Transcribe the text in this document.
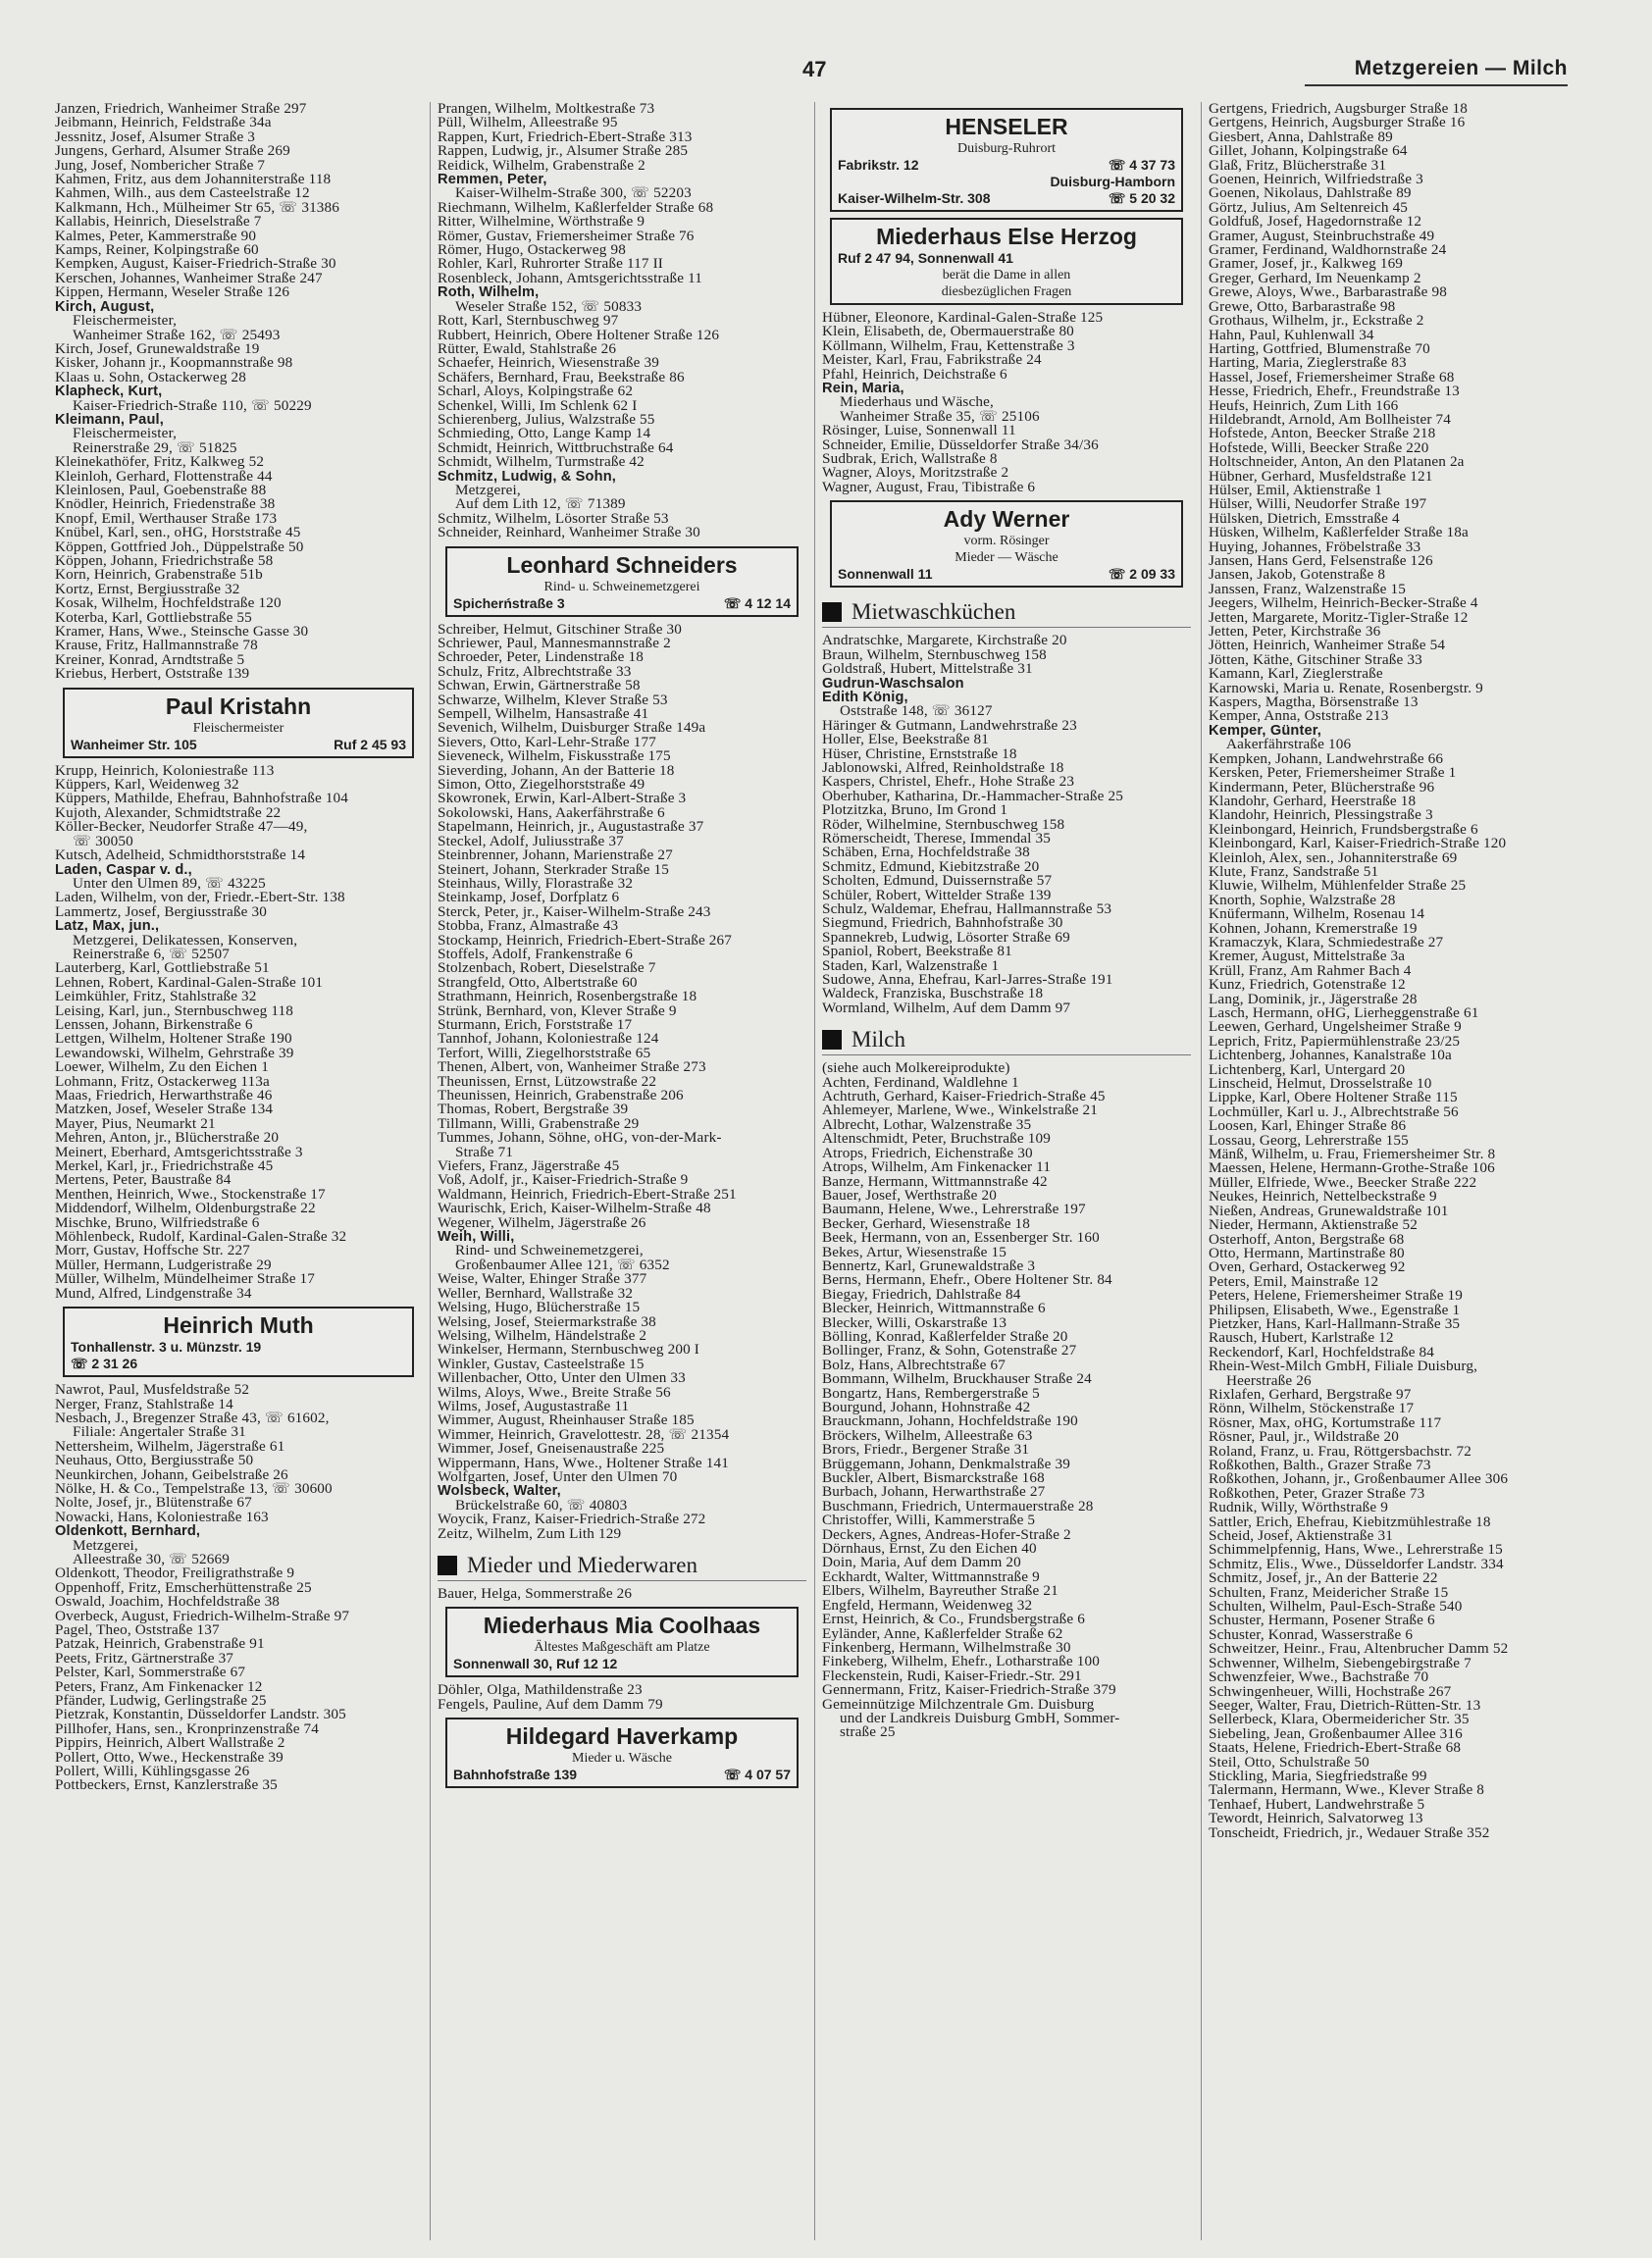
47	Metzgereien — Milch
Janzen, Friedrich, Wanheimer Straße 297
Jeibmann, Heinrich, Feldstraße 34a
Jessnitz, Josef, Alsumer Straße 3
Jungens, Gerhard, Alsumer Straße 269
Jung, Josef, Nombericher Straße 7
Kahmen, Fritz, aus dem Johanniterstraße 118
Kahmen, Wilh., aus dem Casteelstraße 12
Kalkmann, Hch., Mülheimer Str 65, ☏ 31386
Kallabis, Heinrich, Dieselstraße 7
Kalmes, Peter, Kammerstraße 90
Kamps, Reiner, Kolpingstraße 60
Kempken, August, Kaiser-Friedrich-Straße 30
Kerschen, Johannes, Wanheimer Straße 247
Kippen, Hermann, Weseler Straße 126
Kirch, August,
Fleischermeister,
Wanheimer Straße 162, ☏ 25493
Kirch, Josef, Grunewaldstraße 19
Kisker, Johann jr., Koopmannstraße 98
Klaas u. Sohn, Ostackerweg 28
Klapheck, Kurt,
Kaiser-Friedrich-Straße 110, ☏ 50229
Kleimann, Paul,
Fleischermeister,
Reinerstraße 29, ☏ 51825
Kleinekathöfer, Fritz, Kalkweg 52
Kleinloh, Gerhard, Flottenstraße 44
Kleinlosen, Paul, Goebenstraße 88
Knödler, Heinrich, Friedenstraße 38
Knopf, Emil, Werthauser Straße 173
Knübel, Karl, sen., oHG, Horststraße 45
Köppen, Gottfried Joh., Düppelstraße 50
Köppen, Johann, Friedrichstraße 58
Korn, Heinrich, Grabenstraße 51b
Kortz, Ernst, Bergiusstraße 32
Kosak, Wilhelm, Hochfeldstraße 120
Koterba, Karl, Gottliebstraße 55
Kramer, Hans, Wwe., Steinsche Gasse 30
Krause, Fritz, Hallmannstraße 78
Kreiner, Konrad, Arndtstraße 5
Kriebus, Herbert, Oststraße 139
Paul Kristahn
Fleischermeister
Wanheimer Str. 105	Ruf 2 45 93
Krupp, Heinrich, Koloniestraße 113
Küppers, Karl, Weidenweg 32
Küppers, Mathilde, Ehefrau, Bahnhofstraße 104
Kujoth, Alexander, Schmidtstraße 22
Köller-Becker, Neudorfer Straße 47—49,
☏ 30050
Kutsch, Adelheid, Schmidthorststraße 14
Laden, Caspar v. d.,
Unter den Ulmen 89, ☏ 43225
Laden, Wilhelm, von der, Friedr.-Ebert-Str. 138
Lammertz, Josef, Bergiusstraße 30
Latz, Max, jun.,
Metzgerei, Delikatessen, Konserven,
Reinerstraße 6, ☏ 52507
Lauterberg, Karl, Gottliebstraße 51
Lehnen, Robert, Kardinal-Galen-Straße 101
Leimkühler, Fritz, Stahlstraße 32
Leising, Karl, jun., Sternbuschweg 118
Lenssen, Johann, Birkenstraße 6
Lettgen, Wilhelm, Holtener Straße 190
Lewandowski, Wilhelm, Gehrstraße 39
Loewer, Wilhelm, Zu den Eichen 1
Lohmann, Fritz, Ostackerweg 113a
Maas, Friedrich, Herwarthstraße 46
Matzken, Josef, Weseler Straße 134
Mayer, Pius, Neumarkt 21
Mehren, Anton, jr., Blücherstraße 20
Meinert, Eberhard, Amtsgerichtsstraße 3
Merkel, Karl, jr., Friedrichstraße 45
Mertens, Peter, Baustraße 84
Menthen, Heinrich, Wwe., Stockenstraße 17
Middendorf, Wilhelm, Oldenburgstraße 22
Mischke, Bruno, Wilfriedstraße 6
Möhlenbeck, Rudolf, Kardinal-Galen-Straße 32
Morr, Gustav, Hoffsche Str. 227
Müller, Hermann, Ludgeristraße 29
Müller, Wilhelm, Mündelheimer Straße 17
Mund, Alfred, Lindgenstraße 34
Heinrich Muth
Tonhallenstr. 3 u. Münzstr. 19
☏ 2 31 26
Nawrot, Paul, Musfeldstraße 52
Nerger, Franz, Stahlstraße 14
Nesbach, J., Bregenzer Straße 43, ☏ 61602,
Filiale: Angertaler Straße 31
Nettersheim, Wilhelm, Jägerstraße 61
Neuhaus, Otto, Bergiusstraße 50
Neunkirchen, Johann, Geibelstraße 26
Nölke, H. & Co., Tempelstraße 13, ☏ 30600
Nolte, Josef, jr., Blütenstraße 67
Nowacki, Hans, Koloniestraße 163
Oldenkott, Bernhard,
Metzgerei,
Alleestraße 30, ☏ 52669
Oldenkott, Theodor, Freiligrathstraße 9
Oppenhoff, Fritz, Emscherhüttenstraße 25
Oswald, Joachim, Hochfeldstraße 38
Overbeck, August, Friedrich-Wilhelm-Straße 97
Pagel, Theo, Oststraße 137
Patzak, Heinrich, Grabenstraße 91
Peets, Fritz, Gärtnerstraße 37
Pelster, Karl, Sommerstraße 67
Peters, Franz, Am Finkenacker 12
Pfänder, Ludwig, Gerlingstraße 25
Pietzrak, Konstantin, Düsseldorfer Landstr. 305
Pillhofer, Hans, sen., Kronprinzenstraße 74
Pippirs, Heinrich, Albert Wallstraße 2
Pollert, Otto, Wwe., Heckenstraße 39
Pollert, Willi, Kühlingsgasse 26
Pottbeckers, Ernst, Kanzlerstraße 35
Prangen, Wilhelm, Moltkestraße 73
Püll, Wilhelm, Alleestraße 95
Rappen, Kurt, Friedrich-Ebert-Straße 313
Rappen, Ludwig, jr., Alsumer Straße 285
Reidick, Wilhelm, Grabenstraße 2
Remmen, Peter,
Kaiser-Wilhelm-Straße 300, ☏ 52203
Riechmann, Wilhelm, Kaßlerfelder Straße 68
Ritter, Wilhelmine, Wörthstraße 9
Römer, Gustav, Friemersheimer Straße 76
Römer, Hugo, Ostackerweg 98
Rohler, Karl, Ruhrorter Straße 117 II
Rosenbleck, Johann, Amtsgerichtsstraße 11
Roth, Wilhelm,
Weseler Straße 152, ☏ 50833
Rott, Karl, Sternbuschweg 97
Rubbert, Heinrich, Obere Holtener Straße 126
Rütter, Ewald, Stahlstraße 26
Schaefer, Heinrich, Wiesenstraße 39
Schäfers, Bernhard, Frau, Beekstraße 86
Scharl, Aloys, Kolpingstraße 62
Schenkel, Willi, Im Schlenk 62 I
Schierenberg, Julius, Walzstraße 55
Schmieding, Otto, Lange Kamp 14
Schmidt, Heinrich, Wittbruchstraße 64
Schmidt, Wilhelm, Turmstraße 42
Schmitz, Ludwig, & Sohn,
Metzgerei,
Auf dem Lith 12, ☏ 71389
Schmitz, Wilhelm, Lösorter Straße 53
Schneider, Reinhard, Wanheimer Straße 30
Leonhard Schneiders
Rind- u. Schweinemetzgerei
Spicherństraße 3	☏ 4 12 14
Schreiber, Helmut, Gitschiner Straße 30
Schriewer, Paul, Mannesmannstraße 2
Schroeder, Peter, Lindenstraße 18
Schulz, Fritz, Albrechtstraße 33
Schwan, Erwin, Gärtnerstraße 58
Schwarze, Wilhelm, Klever Straße 53
Sempell, Wilhelm, Hansastraße 41
Sevenich, Wilhelm, Duisburger Straße 149a
Sievers, Otto, Karl-Lehr-Straße 177
Sieveneck, Wilhelm, Fiskusstraße 175
Sieverding, Johann, An der Batterie 18
Simon, Otto, Ziegelhorststraße 49
Skowronek, Erwin, Karl-Albert-Straße 3
Sokolowski, Hans, Aakerfährstraße 6
Stapelmann, Heinrich, jr., Augustastraße 37
Steckel, Adolf, Juliusstraße 37
Steinbrenner, Johann, Marienstraße 27
Steinert, Johann, Sterkrader Straße 15
Steinhaus, Willy, Florastraße 32
Steinkamp, Josef, Dorfplatz 6
Sterck, Peter, jr., Kaiser-Wilhelm-Straße 243
Stobba, Franz, Almastraße 43
Stockamp, Heinrich, Friedrich-Ebert-Straße 267
Stoffels, Adolf, Frankenstraße 6
Stolzenbach, Robert, Dieselstraße 7
Strangfeld, Otto, Albertstraße 60
Strathmann, Heinrich, Rosenbergstraße 18
Strünk, Bernhard, von, Klever Straße 9
Sturmann, Erich, Forststraße 17
Tannhof, Johann, Koloniestraße 124
Terfort, Willi, Ziegelhorststraße 65
Thenen, Albert, von, Wanheimer Straße 273
Theunissen, Ernst, Lützowstraße 22
Theunissen, Heinrich, Grabenstraße 206
Thomas, Robert, Bergstraße 39
Tillmann, Willi, Grabenstraße 29
Tummes, Johann, Söhne, oHG, von-der-Mark-
Straße 71
Viefers, Franz, Jägerstraße 45
Voß, Adolf, jr., Kaiser-Friedrich-Straße 9
Waldmann, Heinrich, Friedrich-Ebert-Straße 251
Waurischk, Erich, Kaiser-Wilhelm-Straße 48
Wegener, Wilhelm, Jägerstraße 26
Weih, Willi,
Rind- und Schweinemetzgerei,
Großenbaumer Allee 121, ☏ 6352
Weise, Walter, Ehinger Straße 377
Weller, Bernhard, Wallstraße 32
Welsing, Hugo, Blücherstraße 15
Welsing, Josef, Steiermarkstraße 38
Welsing, Wilhelm, Händelstraße 2
Winkelser, Hermann, Sternbuschweg 200 I
Winkler, Gustav, Casteelstraße 15
Willenbacher, Otto, Unter den Ulmen 33
Wilms, Aloys, Wwe., Breite Straße 56
Wilms, Josef, Augustastraße 11
Wimmer, August, Rheinhauser Straße 185
Wimmer, Heinrich, Gravelottestr. 28, ☏ 21354
Wimmer, Josef, Gneisenaustraße 225
Wippermann, Hans, Wwe., Holtener Straße 141
Wolfgarten, Josef, Unter den Ulmen 70
Wolsbeck, Walter,
Brückelstraße 60, ☏ 40803
Woycik, Franz, Kaiser-Friedrich-Straße 272
Zeitz, Wilhelm, Zum Lith 129
Mieder und Miederwaren
Bauer, Helga, Sommerstraße 26
Miederhaus Mia Coolhaas
Ältestes Maßgeschäft am Platze
Sonnenwall 30, Ruf 12 12
Döhler, Olga, Mathildenstraße 23
Fengels, Pauline, Auf dem Damm 79
Hildegard Haverkamp
Mieder u. Wäsche
Bahnhofstraße 139	☏ 4 07 57
HENSELER
Duisburg-Ruhrort
Fabrikstr. 12	☏ 4 37 73
Duisburg-Hamborn
Kaiser-Wilhelm-Str. 308	☏ 5 20 32
Miederhaus Else Herzog
Ruf 2 47 94, Sonnenwall 41
berät die Dame in allen
diesbezüglichen Fragen
Hübner, Eleonore, Kardinal-Galen-Straße 125
Klein, Elisabeth, de, Obermauerstraße 80
Köllmann, Wilhelm, Frau, Kettenstraße 3
Meister, Karl, Frau, Fabrikstraße 24
Pfahl, Heinrich, Deichstraße 6
Rein, Maria,
Miederhaus und Wäsche,
Wanheimer Straße 35, ☏ 25106
Rösinger, Luise, Sonnenwall 11
Schneider, Emilie, Düsseldorfer Straße 34/36
Sudbrak, Erich, Wallstraße 8
Wagner, Aloys, Moritzstraße 2
Wagner, August, Frau, Tibistraße 6
Ady Werner
vorm. Rösinger
Mieder — Wäsche
Sonnenwall 11	☏ 2 09 33
Mietwaschküchen
Andratschke, Margarete, Kirchstraße 20
Braun, Wilhelm, Sternbuschweg 158
Goldstraß, Hubert, Mittelstraße 31
Gudrun-Waschsalon
Edith König,
Oststraße 148, ☏ 36127
Häringer & Gutmann, Landwehrstraße 23
Holler, Else, Beekstraße 81
Hüser, Christine, Ernststraße 18
Jablonowski, Alfred, Reinholdstraße 18
Kaspers, Christel, Ehefr., Hohe Straße 23
Oberhuber, Katharina, Dr.-Hammacher-Straße 25
Plotzitzka, Bruno, Im Grond 1
Röder, Wilhelmine, Sternbuschweg 158
Römerscheidt, Therese, Immendal 35
Schäben, Erna, Hochfeldstraße 38
Schmitz, Edmund, Kiebitzstraße 20
Scholten, Edmund, Duissernstraße 57
Schüler, Robert, Wittelder Straße 139
Schulz, Waldemar, Ehefrau, Hallmannstraße 53
Siegmund, Friedrich, Bahnhofstraße 30
Spannekreb, Ludwig, Lösorter Straße 69
Spaniol, Robert, Beekstraße 81
Staden, Karl, Walzenstraße 1
Sudowe, Anna, Ehefrau, Karl-Jarres-Straße 191
Waldeck, Franziska, Buschstraße 18
Wormland, Wilhelm, Auf dem Damm 97
Milch
(siehe auch Molkereiprodukte)
Achten, Ferdinand, Waldlehne 1
Achtruth, Gerhard, Kaiser-Friedrich-Straße 45
Ahlemeyer, Marlene, Wwe., Winkelstraße 21
Albrecht, Lothar, Walzenstraße 35
Altenschmidt, Peter, Bruchstraße 109
Atrops, Friedrich, Eichenstraße 30
Atrops, Wilhelm, Am Finkenacker 11
Banze, Hermann, Wittmannstraße 42
Bauer, Josef, Werthstraße 20
Baumann, Helene, Wwe., Lehrerstraße 197
Becker, Gerhard, Wiesenstraße 18
Beek, Hermann, von an, Essenberger Str. 160
Bekes, Artur, Wiesenstraße 15
Bennertz, Karl, Grunewaldstraße 3
Berns, Hermann, Ehefr., Obere Holtener Str. 84
Biegay, Friedrich, Dahlstraße 84
Blecker, Heinrich, Wittmannstraße 6
Blecker, Willi, Oskarstraße 13
Bölling, Konrad, Kaßlerfelder Straße 20
Bollinger, Franz, & Sohn, Gotenstraße 27
Bolz, Hans, Albrechtstraße 67
Bommann, Wilhelm, Bruckhauser Straße 24
Bongartz, Hans, Rembergerstraße 5
Bourgund, Johann, Hohnstraße 42
Brauckmann, Johann, Hochfeldstraße 190
Bröckers, Wilhelm, Alleestraße 63
Brors, Friedr., Bergener Straße 31
Brüggemann, Johann, Denkmalstraße 39
Buckler, Albert, Bismarckstraße 168
Burbach, Johann, Herwarthstraße 27
Buschmann, Friedrich, Untermauerstraße 28
Christoffer, Willi, Kammerstraße 5
Deckers, Agnes, Andreas-Hofer-Straße 2
Dörnhaus, Ernst, Zu den Eichen 40
Doin, Maria, Auf dem Damm 20
Eckhardt, Walter, Wittmannstraße 9
Elbers, Wilhelm, Bayreuther Straße 21
Engfeld, Hermann, Weidenweg 32
Ernst, Heinrich, & Co., Frundsbergstraße 6
Eyländer, Anne, Kaßlerfelder Straße 62
Finkenberg, Hermann, Wilhelmstraße 30
Finkeberg, Wilhelm, Ehefr., Lotharstraße 100
Fleckenstein, Rudi, Kaiser-Friedr.-Str. 291
Gennermann, Fritz, Kaiser-Friedrich-Straße 379
Gemeinnützige Milchzentrale Gm. Duisburg
und der Landkreis Duisburg GmbH, Sommer-
straße 25
Gertgens, Friedrich, Augsburger Straße 18
Gertgens, Heinrich, Augsburger Straße 16
Giesbert, Anna, Dahlstraße 89
Gillet, Johann, Kolpingstraße 64
Glaß, Fritz, Blücherstraße 31
Goenen, Heinrich, Wilfriedstraße 3
Goenen, Nikolaus, Dahlstraße 89
Görtz, Julius, Am Seltenreich 45
Goldfuß, Josef, Hagedornstraße 12
Gramer, August, Steinbruchstraße 49
Gramer, Ferdinand, Waldhornstraße 24
Gramer, Josef, jr., Kalkweg 169
Greger, Gerhard, Im Neuenkamp 2
Grewe, Aloys, Wwe., Barbarastraße 98
Grewe, Otto, Barbarastraße 98
Grothaus, Wilhelm, jr., Eckstraße 2
Hahn, Paul, Kuhlenwall 34
Harting, Gottfried, Blumenstraße 70
Harting, Maria, Zieglerstraße 83
Hassel, Josef, Friemersheimer Straße 68
Hesse, Friedrich, Ehefr., Freundstraße 13
Heufs, Heinrich, Zum Lith 166
Hildebrandt, Arnold, Am Bollheister 74
Hofstede, Anton, Beecker Straße 218
Hofstede, Willi, Beecker Straße 220
Holtschneider, Anton, An den Platanen 2a
Hübner, Gerhard, Musfeldstraße 121
Hülser, Emil, Aktienstraße 1
Hülser, Willi, Neudorfer Straße 197
Hülsken, Dietrich, Emsstraße 4
Hüsken, Wilhelm, Kaßlerfelder Straße 18a
Huying, Johannes, Fröbelstraße 33
Jansen, Hans Gerd, Felsenstraße 126
Jansen, Jakob, Gotenstraße 8
Janssen, Franz, Walzenstraße 15
Jeegers, Wilhelm, Heinrich-Becker-Straße 4
Jetten, Margarete, Moritz-Tigler-Straße 12
Jetten, Peter, Kirchstraße 36
Jötten, Heinrich, Wanheimer Straße 54
Jötten, Käthe, Gitschiner Straße 33
Kamann, Karl, Zieglerstraße
Karnowski, Maria u. Renate, Rosenbergstr. 9
Kaspers, Magtha, Börsenstraße 13
Kemper, Anna, Oststraße 213
Kemper, Günter,
Aakerfährstraße 106
Kempken, Johann, Landwehrstraße 66
Kersken, Peter, Friemersheimer Straße 1
Kindermann, Peter, Blücherstraße 96
Klandohr, Gerhard, Heerstraße 18
Klandohr, Heinrich, Plessingstraße 3
Kleinbongard, Heinrich, Frundsbergstraße 6
Kleinbongard, Karl, Kaiser-Friedrich-Straße 120
Kleinloh, Alex, sen., Johanniterstraße 69
Klute, Franz, Sandstraße 51
Kluwie, Wilhelm, Mühlenfelder Straße 25
Knorth, Sophie, Walzstraße 28
Knüfermann, Wilhelm, Rosenau 14
Kohnen, Johann, Kremerstraße 19
Kramaczyk, Klara, Schmiedestraße 27
Kremer, August, Mittelstraße 3a
Krüll, Franz, Am Rahmer Bach 4
Kunz, Friedrich, Gotenstraße 12
Lang, Dominik, jr., Jägerstraße 28
Lasch, Hermann, oHG, Lierheggenstraße 61
Leewen, Gerhard, Ungelsheimer Straße 9
Leprich, Fritz, Papiermühlenstraße 23/25
Lichtenberg, Johannes, Kanalstraße 10a
Lichtenberg, Karl, Untergard 20
Linscheid, Helmut, Drosselstraße 10
Lippke, Karl, Obere Holtener Straße 115
Lochmüller, Karl u. J., Albrechtstraße 56
Loosen, Karl, Ehinger Straße 86
Lossau, Georg, Lehrerstraße 155
Mänß, Wilhelm, u. Frau, Friemersheimer Str. 8
Maessen, Helene, Hermann-Grothe-Straße 106
Müller, Elfriede, Wwe., Beecker Straße 222
Neukes, Heinrich, Nettelbeckstraße 9
Nießen, Andreas, Grunewaldstraße 101
Nieder, Hermann, Aktienstraße 52
Osterhoff, Anton, Bergstraße 68
Otto, Hermann, Martinstraße 80
Oven, Gerhard, Ostackerweg 92
Peters, Emil, Mainstraße 12
Peters, Helene, Friemersheimer Straße 19
Philipsen, Elisabeth, Wwe., Egenstraße 1
Pietzker, Hans, Karl-Hallmann-Straße 35
Rausch, Hubert, Karlstraße 12
Reckendorf, Karl, Hochfeldstraße 84
Rhein-West-Milch GmbH, Filiale Duisburg,
Heerstraße 26
Rixlafen, Gerhard, Bergstraße 97
Rönn, Wilhelm, Stöckenstraße 17
Rösner, Max, oHG, Kortumstraße 117
Rösner, Paul, jr., Wildstraße 20
Roland, Franz, u. Frau, Röttgersbachstr. 72
Roßkothen, Balth., Grazer Straße 73
Roßkothen, Johann, jr., Großenbaumer Allee 306
Roßkothen, Peter, Grazer Straße 73
Rudnik, Willy, Wörthstraße 9
Sattler, Erich, Ehefrau, Kiebitzmühlestraße 18
Scheid, Josef, Aktienstraße 31
Schimmelpfennig, Hans, Wwe., Lehrerstraße 15
Schmitz, Elis., Wwe., Düsseldorfer Landstr. 334
Schmitz, Josef, jr., An der Batterie 22
Schulten, Franz, Meidericher Straße 15
Schulten, Wilhelm, Paul-Esch-Straße 540
Schuster, Hermann, Posener Straße 6
Schuster, Konrad, Wasserstraße 6
Schweitzer, Heinr., Frau, Altenbrucher Damm 52
Schwenner, Wilhelm, Siebengebirgstraße 7
Schwenzfeier, Wwe., Bachstraße 70
Schwingenheuer, Willi, Hochstraße 267
Seeger, Walter, Frau, Dietrich-Rütten-Str. 13
Sellerbeck, Klara, Obermeidericher Str. 35
Siebeling, Jean, Großenbaumer Allee 316
Staats, Helene, Friedrich-Ebert-Straße 68
Steil, Otto, Schulstraße 50
Stickling, Maria, Siegfriedstraße 99
Talermann, Hermann, Wwe., Klever Straße 8
Tenhaef, Hubert, Landwehrstraße 5
Tewordt, Heinrich, Salvatorweg 13
Tonscheidt, Friedrich, jr., Wedauer Straße 352
